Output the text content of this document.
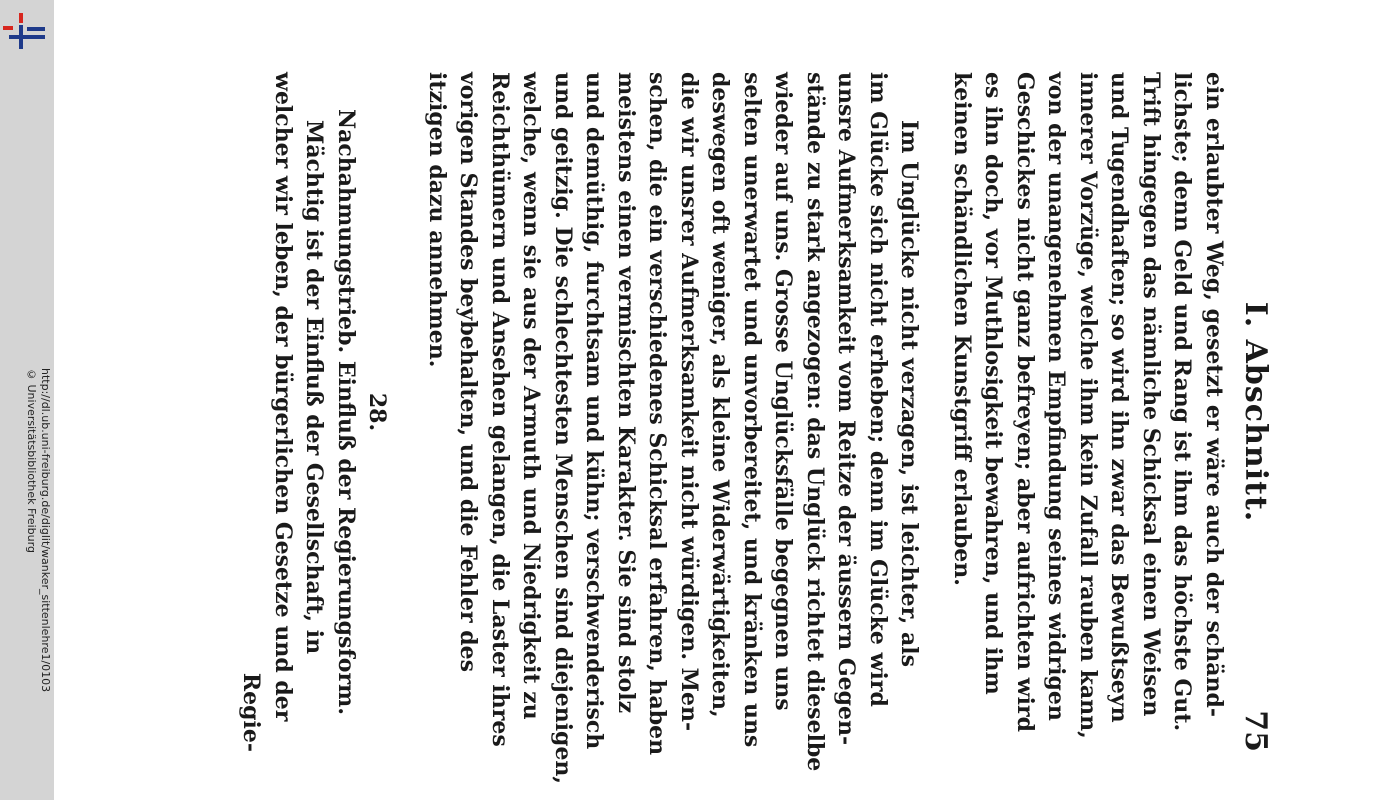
http://dl.ub.uni-freiburg.de/diglit/wanker_sittenlehre1/0103
© Universitätsbibliothek Freiburg	I. Abschnitt.
75
ein erlaubter Weg, gesetzt er wäre auch der schänd-
lichste; denn Geld und Rang ist ihm das höchste Gut.
Trift hingegen das nämliche Schicksal einen Weisen
und Tugendhaften; so wird ihn zwar das Bewußtseyn
innerer Vorzüge, welche ihm kein Zufall rauben kann,
von der unangenehmen Empfindung seines widrigen
Geschickes nicht ganz befreyen; aber aufrichten wird
es ihn doch, vor Muthlosigkeit bewahren, und ihm
keinen schändlichen Kunstgriff erlauben.
Im Unglücke nicht verzagen, ist leichter, als
im Glücke sich nicht erheben; denn im Glücke wird
unsre Aufmerksamkeit vom Reitze der äussern Gegen-
stände zu stark angezogen: das Unglück richtet dieselbe
wieder auf uns. Grosse Unglücksfälle begegnen uns
selten unerwartet und unvorbereitet, und kränken uns
deswegen oft weniger, als kleine Widerwärtigkeiten,
die wir unsrer Aufmerksamkeit nicht würdigen. Men-
schen, die ein verschiedenes Schicksal erfahren, haben
meistens einen vermischten Karakter. Sie sind stolz
und demüthig, furchtsam und kühn; verschwenderisch
und geitzig. Die schlechtesten Menschen sind diejenigen,
welche, wenn sie aus der Armuth und Niedrigkeit zu
Reichthümern und Ansehen gelangen, die Laster ihres
vorigen Standes beybehalten, und die Fehler des
itzigen dazu annehmen.
28.
Nachahmungstrieb. Einfluß der Regierungsform.
Mächtig ist der Einfluß der Gesellschaft, in
welcher wir leben, der bürgerlichen Gesetze und der
Regie-
